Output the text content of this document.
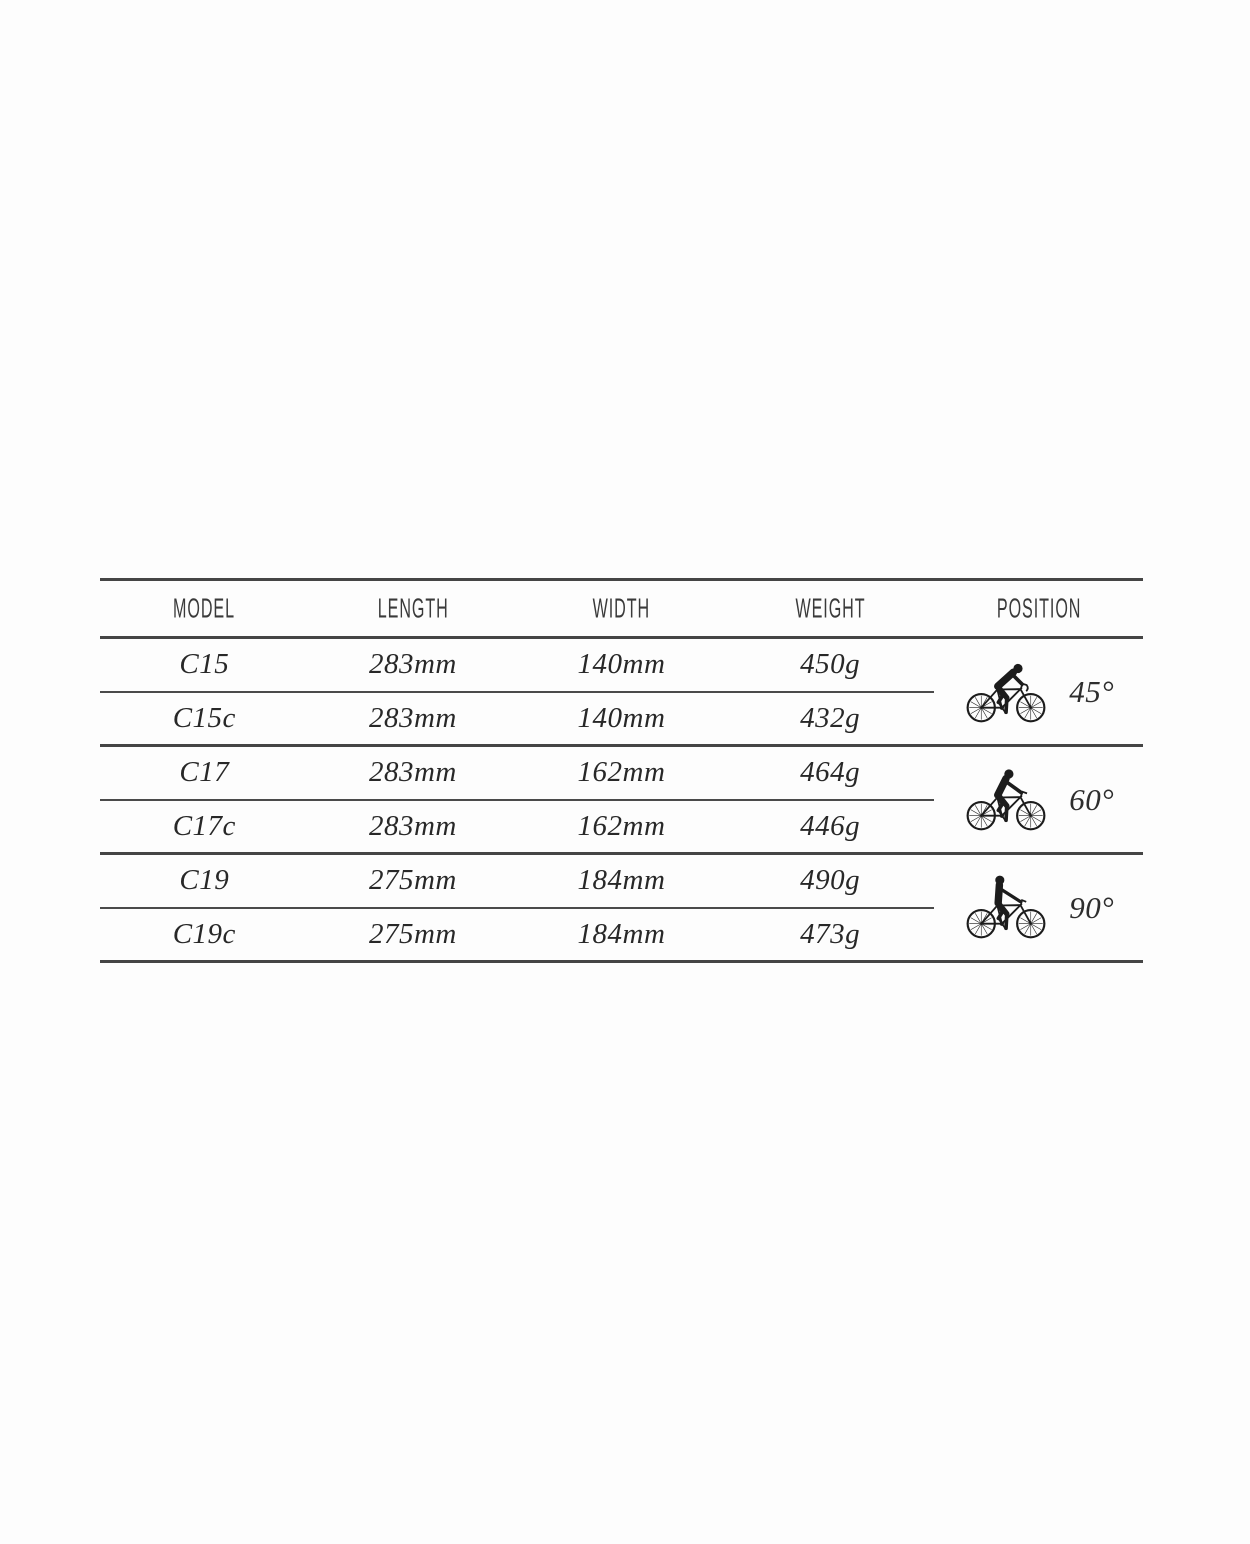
MODEL	LENGTH	WIDTH	WEIGHT	POSITION
C15	283mm	140mm	450g	45°

C15c	283mm	140mm	432g	
C17	283mm	162mm	464g	60°

C17c	283mm	162mm	446g	
C19	275mm	184mm	490g	90°

C19c	275mm	184mm	473g	
